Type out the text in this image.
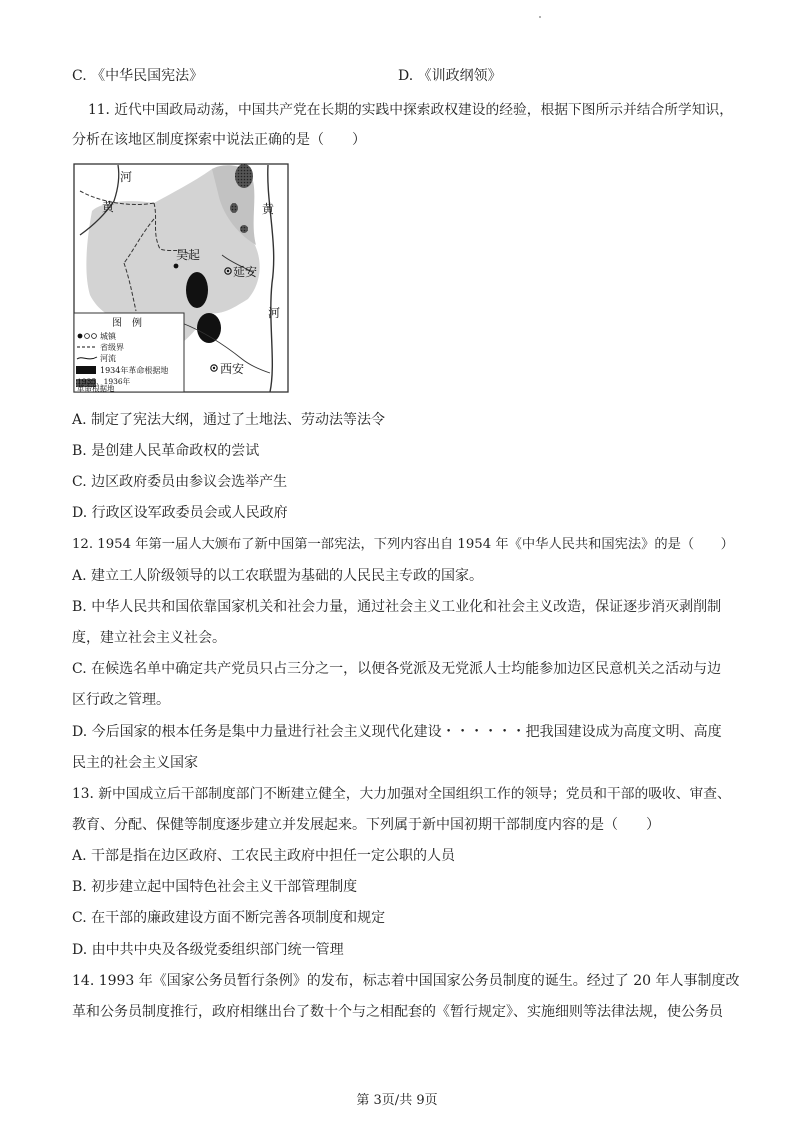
C. 《中华民国宪法》	D. 《训政纲领》
11. 近代中国政局动荡，中国共产党在长期的实践中探索政权建设的经验，根据下图所示并结合所学知识，
分析在该地区制度探索中说法正确的是（　　）
吴起
延安
西安
河
黄	黄
河
图　例
城镇
省级界
河流
1934年革命根据地
1935、1936年
革命根据地
A. 制定了宪法大纲，通过了土地法、劳动法等法令
B. 是创建人民革命政权的尝试
C. 边区政府委员由参议会选举产生
D. 行政区设军政委员会或人民政府
12. 1954 年第一届人大颁布了新中国第一部宪法，下列内容出自 1954 年《中华人民共和国宪法》的是（　　）
A. 建立工人阶级领导的以工农联盟为基础的人民民主专政的国家。
B. 中华人民共和国依靠国家机关和社会力量，通过社会主义工业化和社会主义改造，保证逐步消灭剥削制
度，建立社会主义社会。
C. 在候选名单中确定共产党员只占三分之一，以便各党派及无党派人士均能参加边区民意机关之活动与边
区行政之管理。
D. 今后国家的根本任务是集中力量进行社会主义现代化建设・・・・・・把我国建设成为高度文明、高度
民主的社会主义国家
13. 新中国成立后干部制度部门不断建立健全，大力加强对全国组织工作的领导；党员和干部的吸收、审查、
教育、分配、保健等制度逐步建立并发展起来。下列属于新中国初期干部制度内容的是（　　）
A. 干部是指在边区政府、工农民主政府中担任一定公职的人员
B. 初步建立起中国特色社会主义干部管理制度
C. 在干部的廉政建设方面不断完善各项制度和规定
D. 由中共中央及各级党委组织部门统一管理
14. 1993 年《国家公务员暂行条例》的发布，标志着中国国家公务员制度的诞生。经过了 20 年人事制度改
革和公务员制度推行，政府相继出台了数十个与之相配套的《暂行规定》、实施细则等法律法规，使公务员
第 3页/共 9页
